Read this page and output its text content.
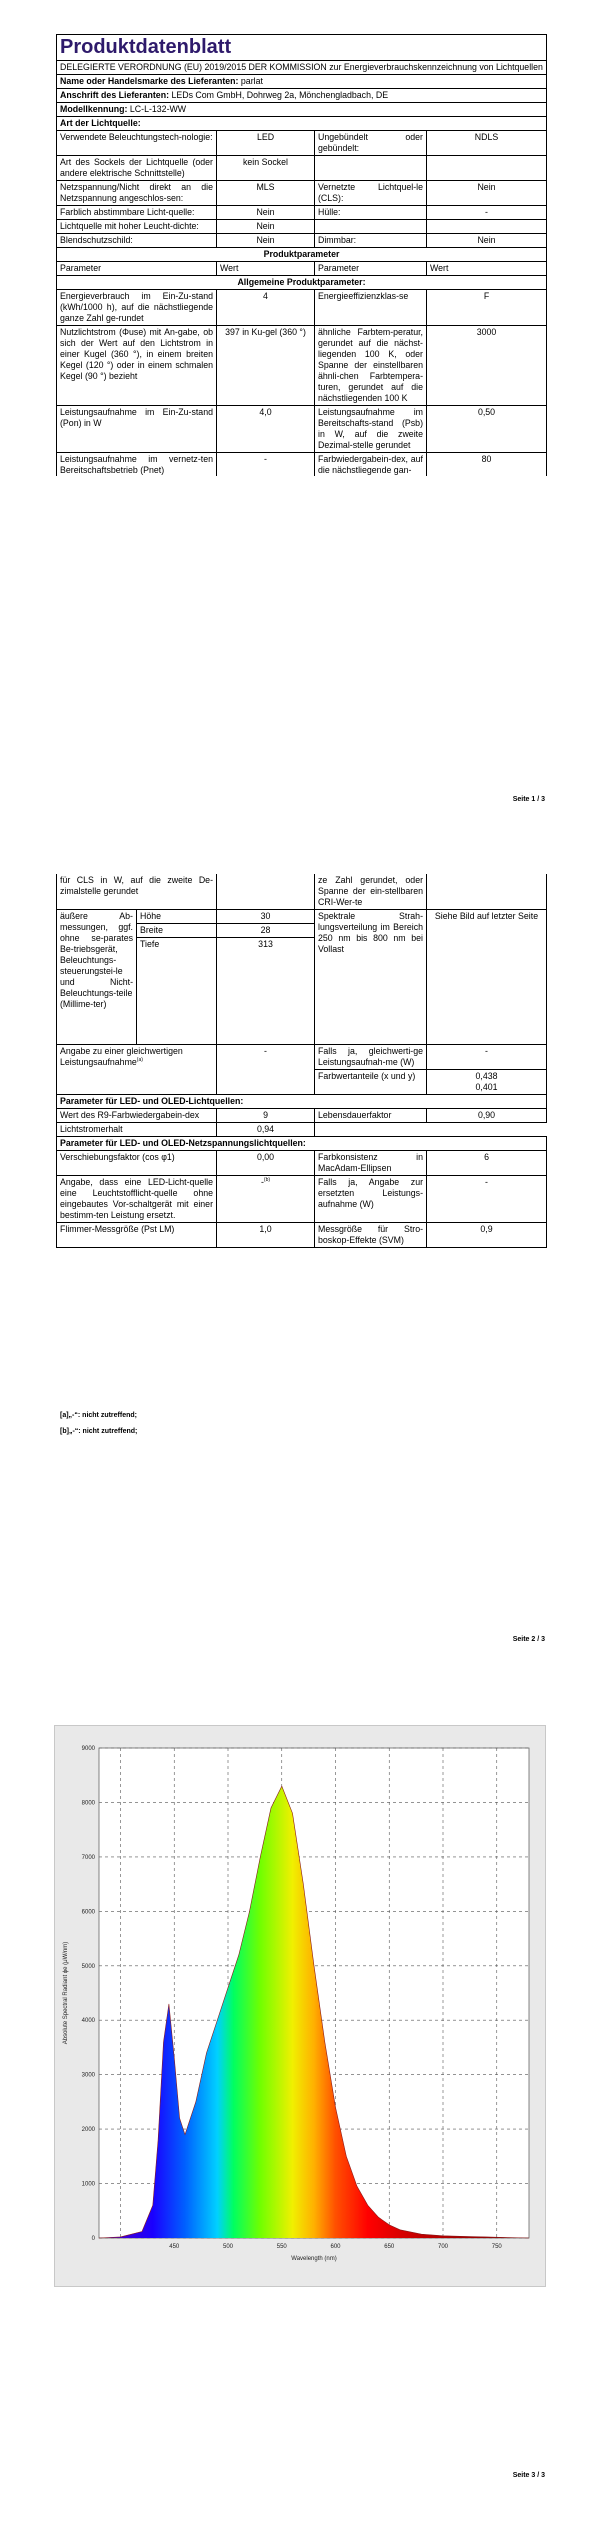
Produktdatenblatt			
DELEGIERTE VERORDNUNG (EU) 2019/2015 DER KOMMISSION zur Energieverbrauchskennzeichnung von Lichtquellen			
Name oder Handelsmarke des Lieferanten: parlat			
Anschrift des Lieferanten: LEDs Com GmbH, Dohrweg 2a, Mönchengladbach, DE			
Modellkennung: LC-L-132-WW			
Art der Lichtquelle:			
Verwendete Beleuchtungstech-nologie:	LED	Ungebündelt oder gebündelt:	NDLS
Art des Sockels der Lichtquelle (oder andere elektrische Schnittstelle)	kein Sockel		
Netzspannung/Nicht direkt an die Netzspannung angeschlos-sen:	MLS	Vernetzte Lichtquel-le (CLS):	Nein
Farblich abstimmbare Licht-quelle:	Nein	Hülle:	-
Lichtquelle mit hoher Leucht-dichte:	Nein		
Blendschutzschild:	Nein	Dimmbar:	Nein
Produktparameter			
Parameter	Wert	Parameter	Wert
Allgemeine Produktparameter:			
Energieverbrauch im Ein-Zu-stand (kWh/1000 h), auf die nächstliegende ganze Zahl ge-rundet	4	Energieeffizienzklas-se	F
Nutzlichtstrom (Φuse) mit An-gabe, ob sich der Wert auf den Lichtstrom in einer Kugel (360 °), in einem breiten Kegel (120 °) oder in einem schmalen Kegel (90 °) bezieht	397 in Ku-gel (360 °)	ähnliche Farbtem-peratur, gerundet auf die nächst-liegenden 100 K, oder Spanne der einstellbaren ähnli-chen Farbtempera-turen, gerundet auf die nächstliegenden 100 K	3000
Leistungsaufnahme im Ein-Zu-stand (Pon) in W	4,0	Leistungsaufnahme im Bereitschafts-stand (Psb) in W, auf die zweite Dezimal-stelle gerundet	0,50
Leistungsaufnahme im vernetz-ten Bereitschaftsbetrieb (Pnet)	-	Farbwiedergabein-dex, auf die nächstliegende gan-	80
Seite 1 / 3
für CLS in W, auf die zweite De-zimalstelle gerundet			ze Zahl gerundet, oder Spanne der ein-stellbaren CRI-Wer-te	
äußere Ab-messungen, ggf. ohne se-parates Be-triebsgerät, Beleuchtungs-steuerungstei-le und Nicht-Beleuchtungs-teile (Millime-ter)	Höhe	30	Spektrale Strah-lungsverteilung im Bereich 250 nm bis 800 nm bei Vollast	Siehe Bild auf letzter Seite
	Breite	28		
	Tiefe	313		
Angabe zu einer gleichwertigen Leistungsaufnahme$^{(a)}$		-	Falls ja, gleichwerti-ge Leistungsaufnah-me (W)	-
			Farbwertanteile (x und y)	0,438
0,401

Parameter für LED- und OLED-Lichtquellen:				
Wert des R9-Farbwiedergabein-dex		9	Lebensdauerfaktor	0,90
Lichtstromerhalt		0,94		
Parameter für LED- und OLED-Netzspannungslichtquellen:				
Verschiebungsfaktor (cos φ1)		0,00	Farbkonsistenz in MacAdam-Ellipsen	6
Angabe, dass eine LED-Licht-quelle eine Leuchtstofflicht-quelle ohne eingebautes Vor-schaltgerät mit einer bestimm-ten Leistung ersetzt.		-$^{(b)}$	Falls ja, Angabe zur ersetzten Leistungs-aufnahme (W)	-
Flimmer-Messgröße (Pst LM)		1,0	Messgröße für Stro-boskop-Effekte (SVM)	0,9
[a]„-“: nicht zutreffend;
[b]„-“: nicht zutreffend;
Seite 2 / 3
450	500	550	600	650	700	750
0
1000
2000
3000
4000
5000
6000
7000
8000
9000
Wavelength (nm)
Absolute Spectral Radiant ϕe (μW/nm)
Seite 3 / 3
